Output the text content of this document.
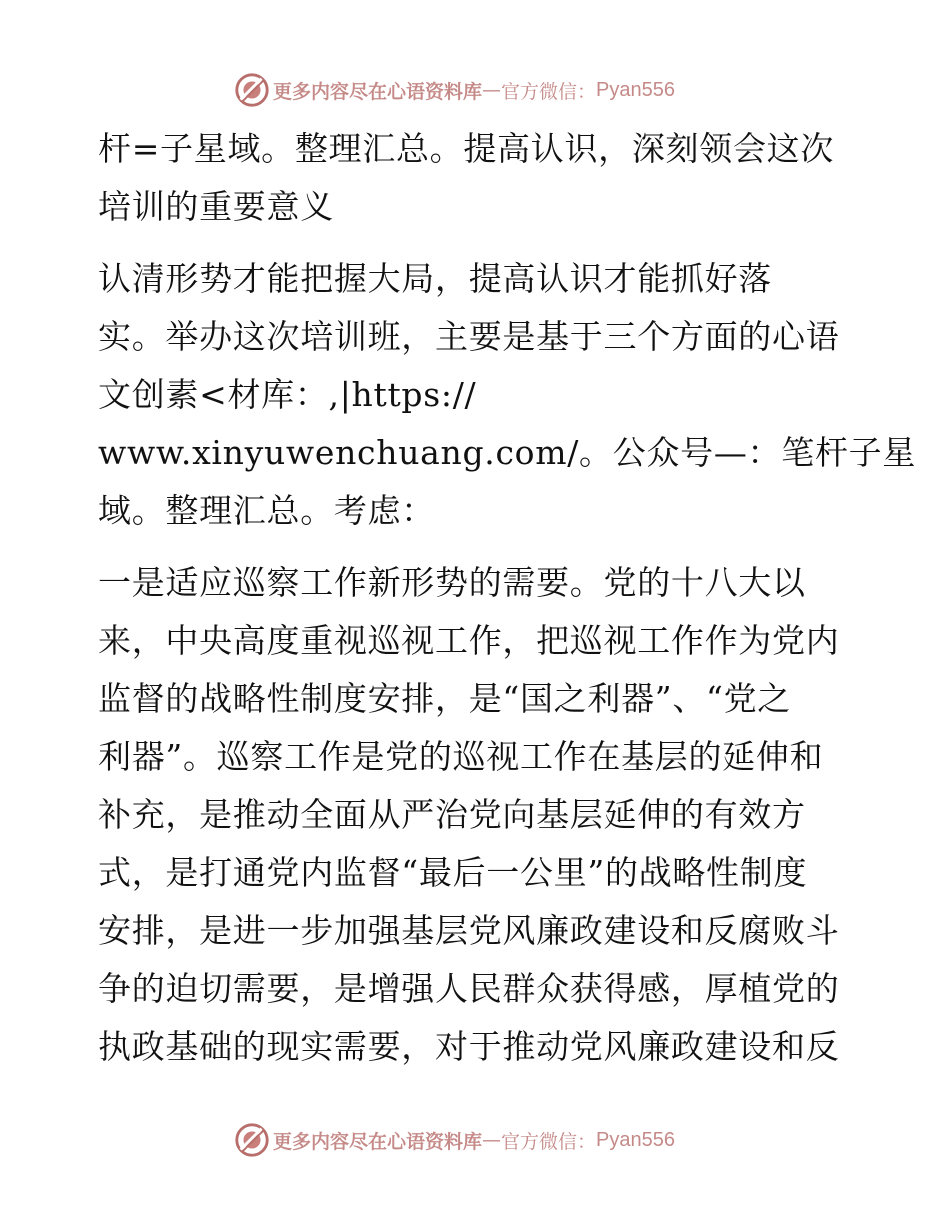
更多内容尽在心语资料库 — 官方微信： Pyan556

杆=子星域。整理汇总。提高认识，深刻领会这次
培训的重要意义

认清形势才能把握大局，提高认识才能抓好落
实。举办这次培训班，主要是基于三个方面的心语
文创素<材库：,|https://
www.xinyuwenchuang.com/。公众号—：笔杆子星
域。整理汇总。考虑：

一是适应巡察工作新形势的需要。党的十八大以
来，中央高度重视巡视工作，把巡视工作作为党内
监督的战略性制度安排，是“国之利器”、“党之
利器”。巡察工作是党的巡视工作在基层的延伸和
补充，是推动全面从严治党向基层延伸的有效方
式，是打通党内监督“最后一公里”的战略性制度
安排，是进一步加强基层党风廉政建设和反腐败斗
争的迫切需要，是增强人民群众获得感，厚植党的
执政基础的现实需要，对于推动党风廉政建设和反

更多内容尽在心语资料库 — 官方微信： Pyan556
